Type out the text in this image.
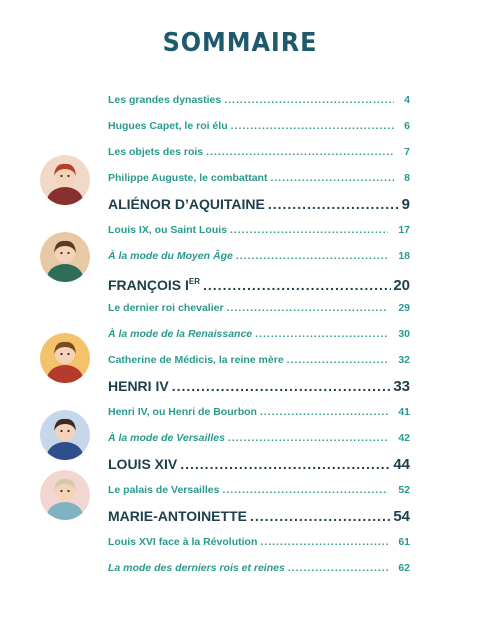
SOMMAIRE
Les grandes dynasties .....	4
Hugues Capet, le roi élu .....	6
Les objets des rois .....	7
Philippe Auguste, le combattant .....	8
ALIÉNOR D’AQUITAINE .....	9
Louis IX, ou Saint Louis .....	17
À la mode du Moyen Âge .....	18
FRANÇOIS IER .....	20
Le dernier roi chevalier .....	29
À la mode de la Renaissance .....	30
Catherine de Médicis, la reine mère .....	32
HENRI IV .....	33
Henri IV, ou Henri de Bourbon .....	41
À la mode de Versailles .....	42
LOUIS XIV .....	44
Le palais de Versailles .....	52
MARIE-ANTOINETTE .....	54
Louis XVI face à la Révolution .....	61
La mode des derniers rois et reines .....	62
